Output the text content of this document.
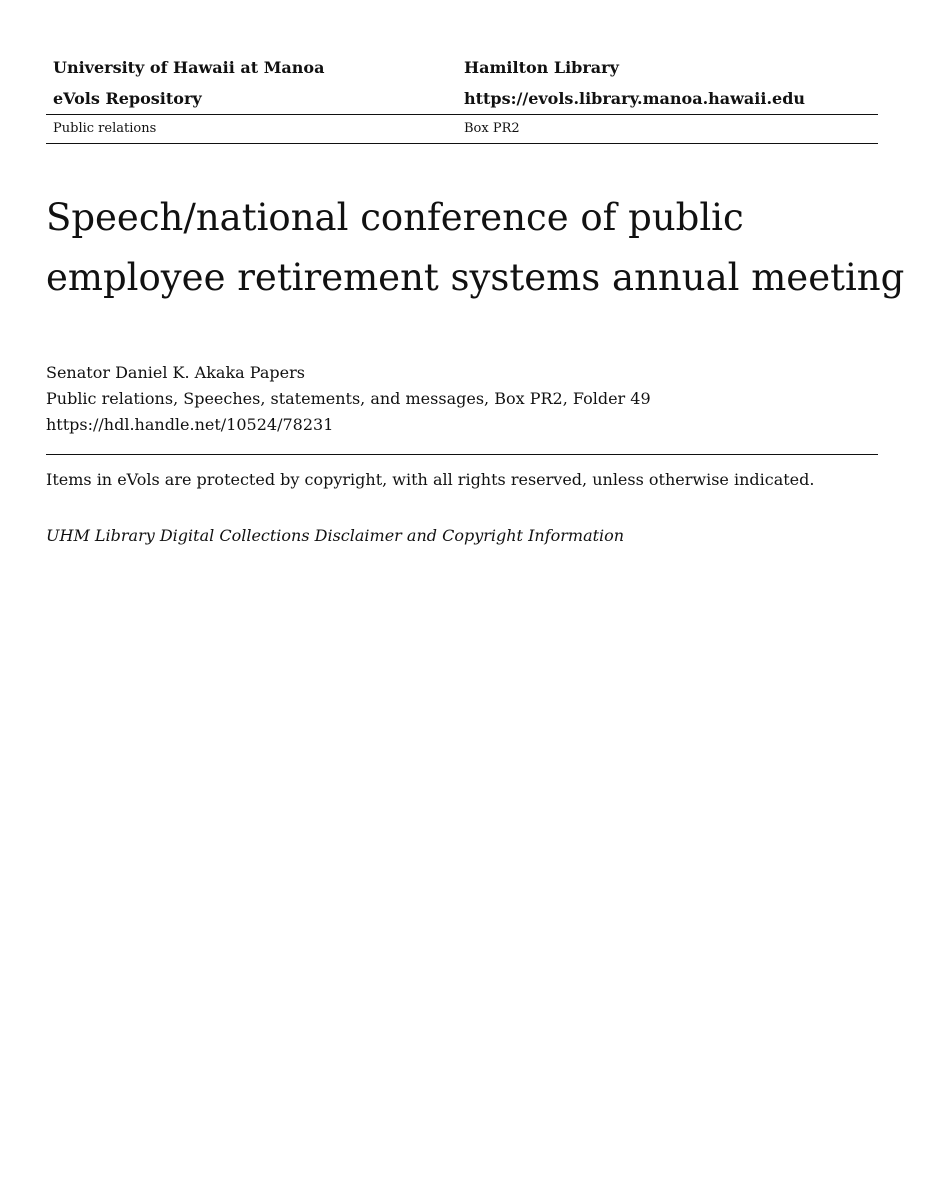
University of Hawaii at Manoa	Hamilton Library
eVols Repository	https://evols.library.manoa.hawaii.edu
Public relations	Box PR2
Speech/national conference of public
employee retirement systems annual meeting
Senator Daniel K. Akaka Papers
Public relations, Speeches, statements, and messages, Box PR2, Folder 49
https://hdl.handle.net/10524/78231
Items in eVols are protected by copyright, with all rights reserved, unless otherwise indicated.
UHM Library Digital Collections Disclaimer and Copyright Information
